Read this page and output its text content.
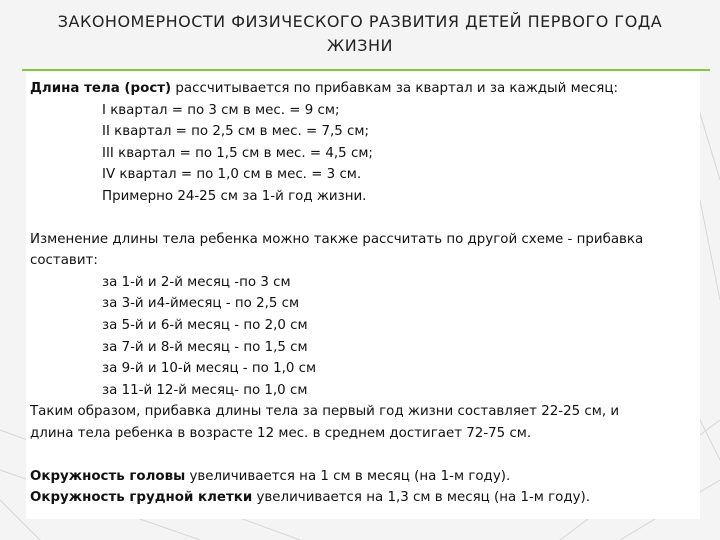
ЗАКОНОМЕРНОСТИ ФИЗИЧЕСКОГО РАЗВИТИЯ ДЕТЕЙ ПЕРВОГО ГОДА
ЖИЗНИ

Длина тела (рост) рассчитывается по прибавкам за квартал и за каждый месяц:

I квартал = по 3 см в мес. = 9 см;

II квартал = по 2,5 см в мес. = 7,5 см;

III квартал = по 1,5 см в мес. = 4,5 см;

IV квартал = по 1,0 см в мес. = 3 см.

Примерно 24-25 см за 1-й год жизни.

Изменение длины тела ребенка можно также рассчитать по другой схеме - прибавка

составит:

за 1-й и 2-й месяц -по 3 см

за 3-й и4-ймесяц - по 2,5 см

за 5-й и 6-й месяц - по 2,0 см

за 7-й и 8-й месяц - по 1,5 см

за 9-й и 10-й месяц - по 1,0 см

за 11-й 12-й месяц- по 1,0 см

Таким образом, прибавка длины тела за первый год жизни составляет 22-25 см, и

длина тела ребенка в возрасте 12 мес. в среднем достигает 72-75 см.

Окружность головы увеличивается на 1 см в месяц (на 1-м году).

Окружность грудной клетки увеличивается на 1,3 см в месяц (на 1-м году).
